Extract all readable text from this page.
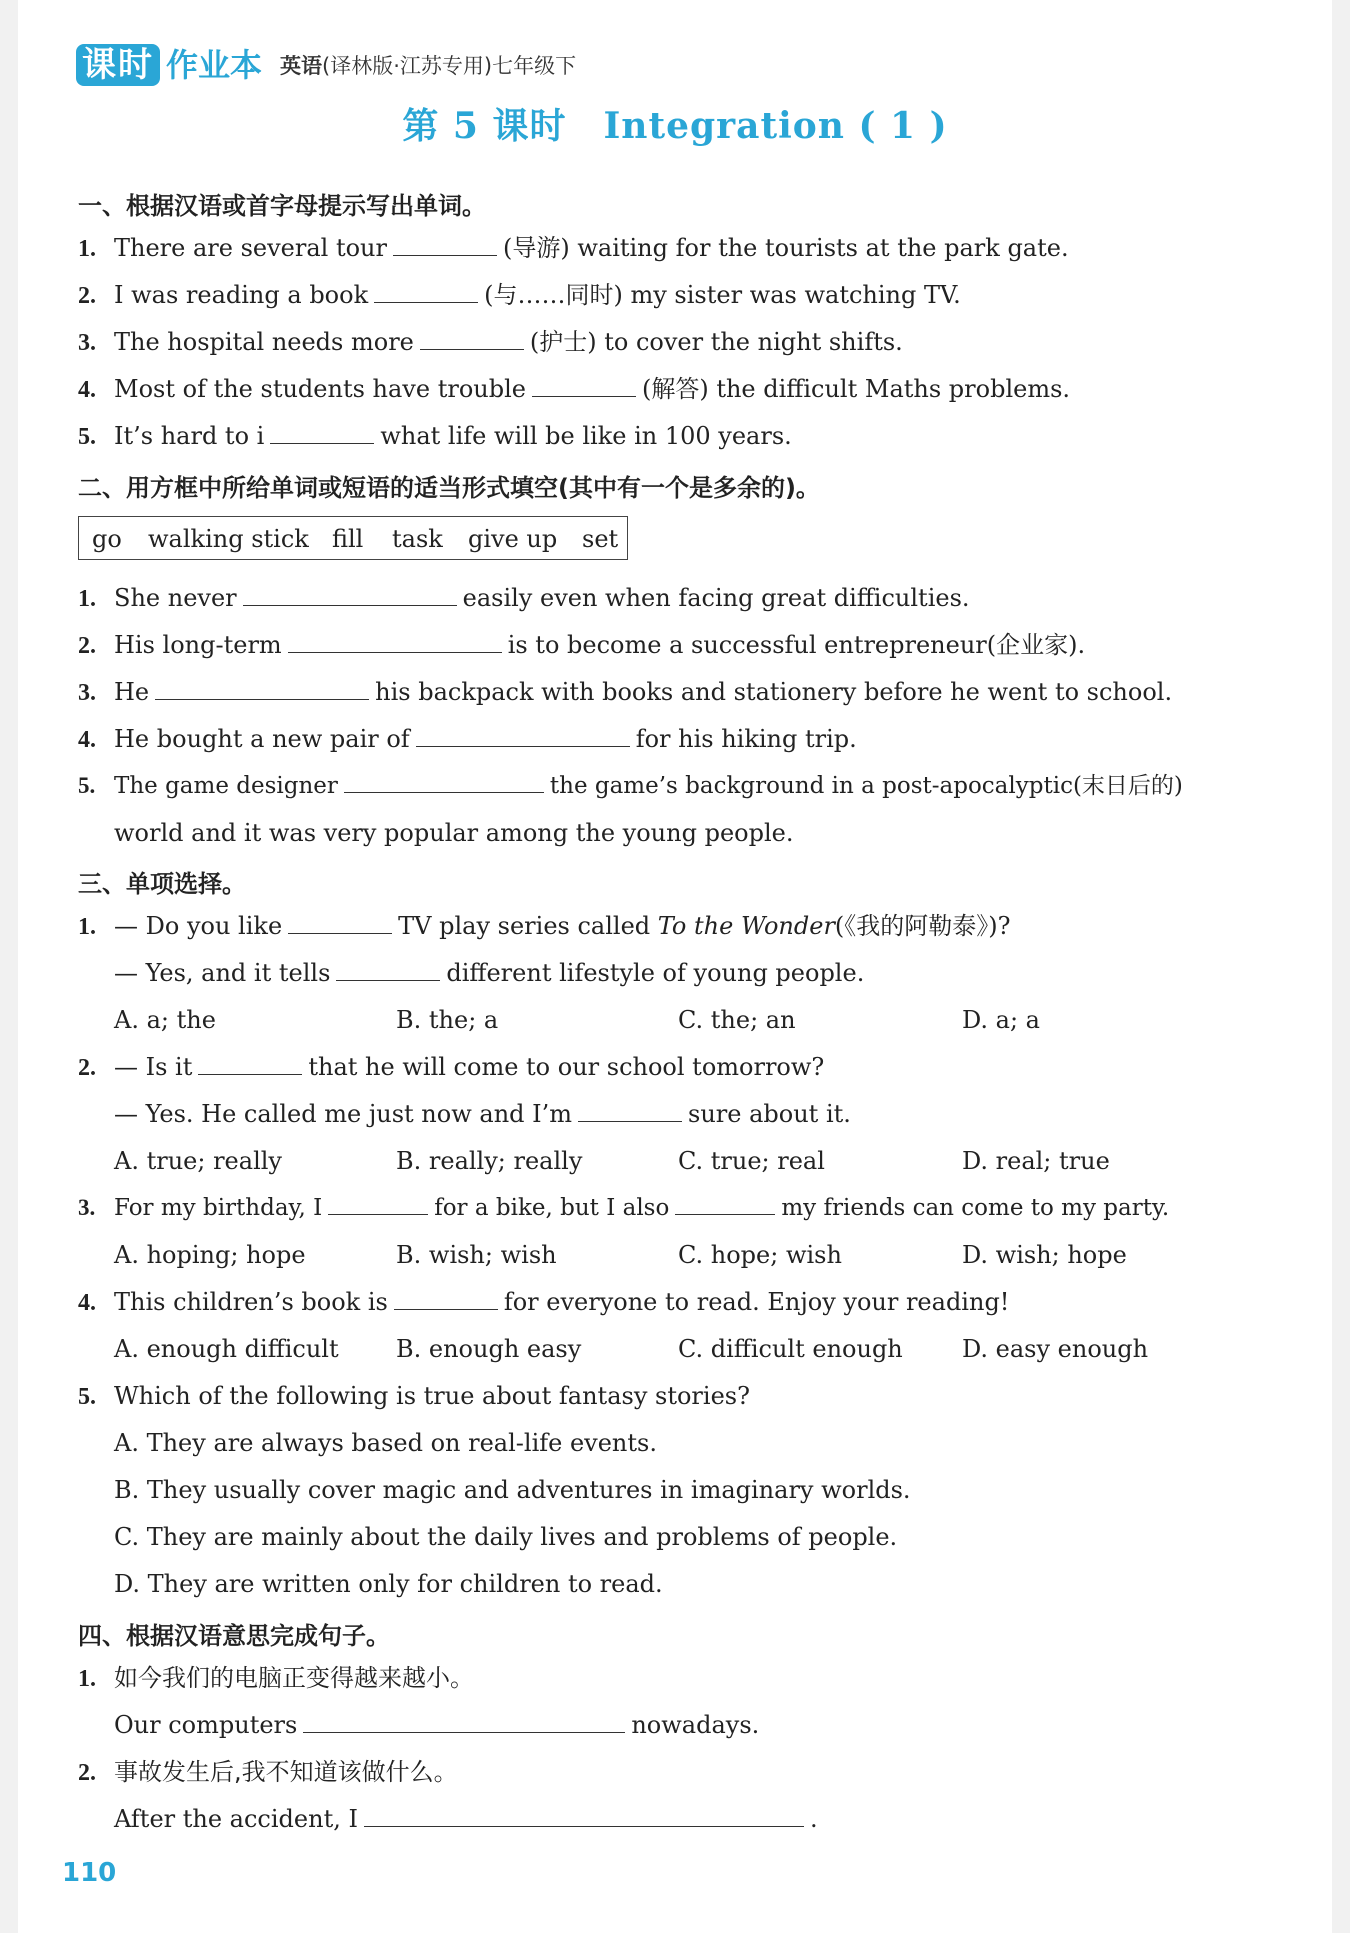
课时 作业本 英语(译林版·江苏专用)七年级下
第 5 课时　Integration ( 1 )
一、根据汉语或首字母提示写出单词。
1. There are several tour	(导游) waiting for the tourists at the park gate.
2. I was reading a book	(与……同时) my sister was watching TV.
3. The hospital needs more	(护士) to cover the night shifts.
4. Most of the students have trouble	(解答) the difficult Maths problems.
5. It’s hard to i	what life will be like in 100 years.
二、用方框中所给单词或短语的适当形式填空(其中有一个是多余的)。
go walking stick fill task give up set
1. She never	easily even when facing great difficulties.
2. His long-term	is to become a successful entrepreneur(企业家).
3. He	his backpack with books and stationery before he went to school.
4. He bought a new pair of	for his hiking trip.
5. The game designer	the game’s background in a post-apocalyptic(末日后的)
world and it was very popular among the young people.
三、单项选择。
1. — Do you like	TV play series called To the Wonder(《我的阿勒泰》)?
— Yes, and it tells	different lifestyle of young people.
A. a; the	B. the; a	C. the; an	D. a; a
2. — Is it	that he will come to our school tomorrow?
— Yes. He called me just now and I’m	sure about it.
A. true; really	B. really; really	C. true; real	D. real; true
3. For my birthday, I	for a bike, but I also	my friends can come to my party.
A. hoping; hope	B. wish; wish	C. hope; wish	D. wish; hope
4. This children’s book is	for everyone to read. Enjoy your reading!
A. enough difficult B. enough easy	C. difficult enough D. easy enough
5. Which of the following is true about fantasy stories?
A. They are always based on real-life events.
B. They usually cover magic and adventures in imaginary worlds.
C. They are mainly about the daily lives and problems of people.
D. They are written only for children to read.
四、根据汉语意思完成句子。
1. 如今我们的电脑正变得越来越小。
Our computers	nowadays.
2. 事故发生后,我不知道该做什么。
After the accident, I	.
110
